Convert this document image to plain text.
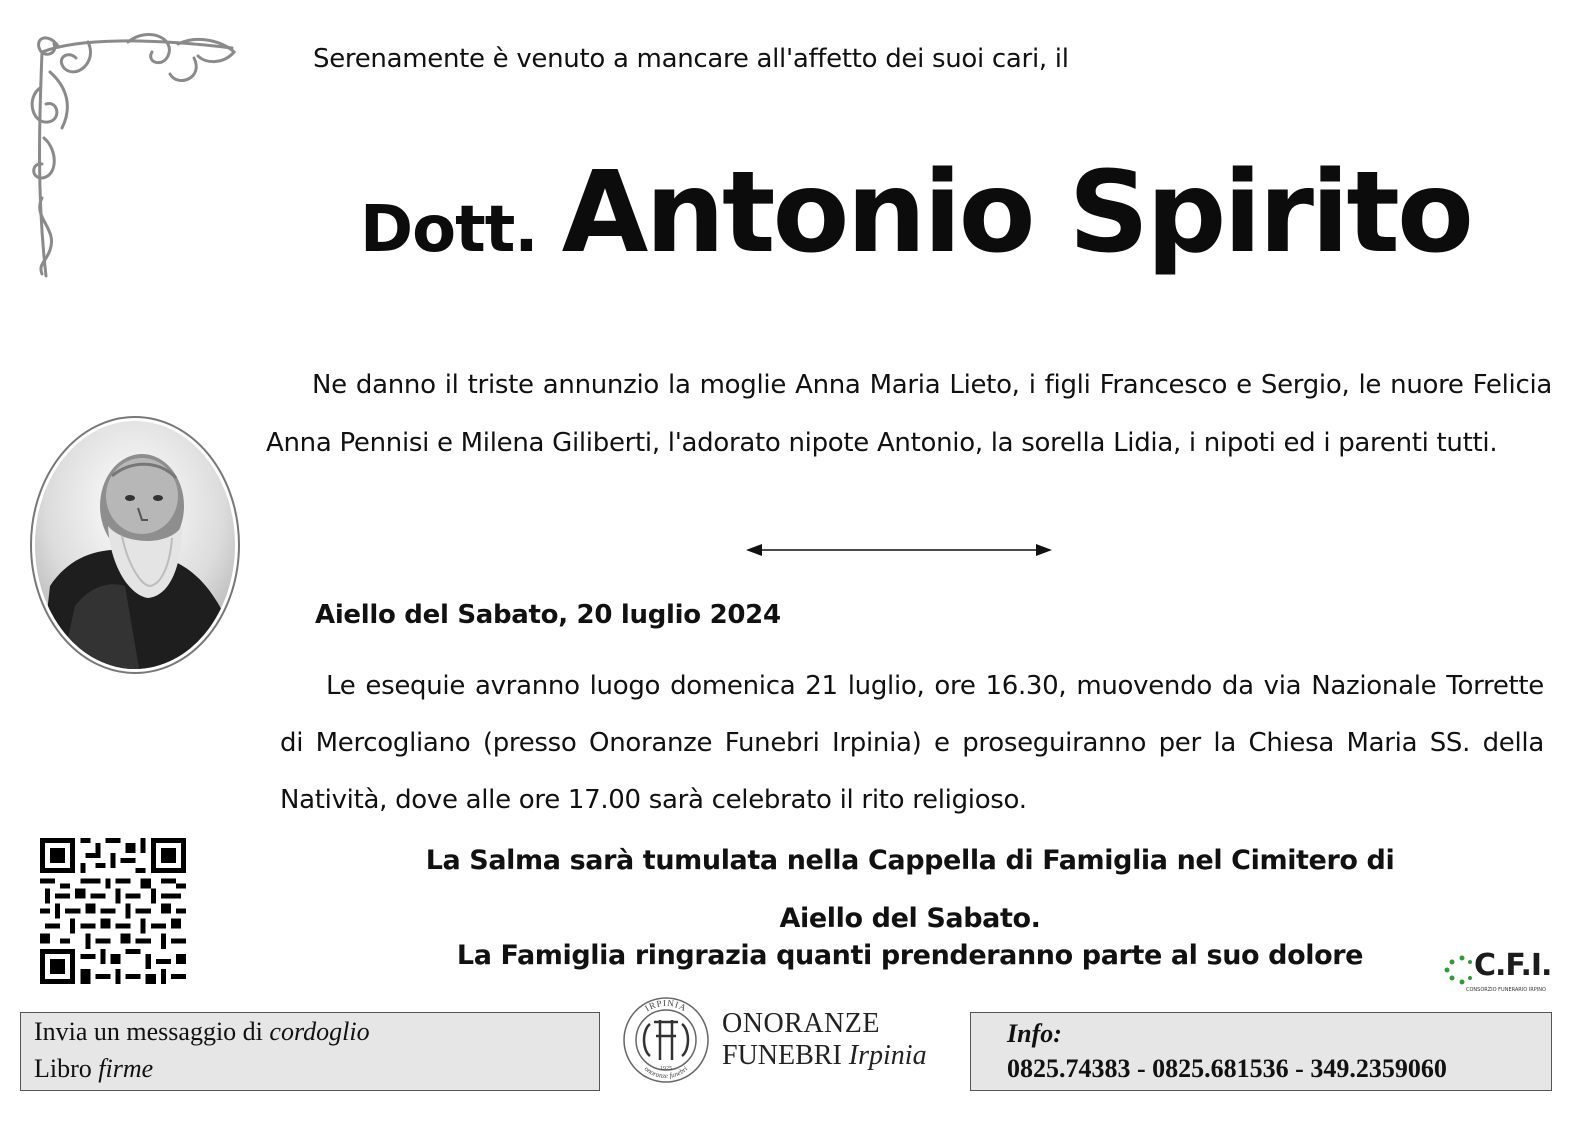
Serenamente è venuto a mancare all'affetto dei suoi cari, il
Dott. Antonio Spirito
Ne danno il triste annunzio la moglie Anna Maria Lieto, i figli Francesco e Sergio, le nuore Felicia Anna Pennisi e Milena Giliberti, l'adorato nipote Antonio, la sorella Lidia, i nipoti ed i parenti tutti.
Aiello del Sabato, 20 luglio 2024
Le esequie avranno luogo domenica 21 luglio, ore 16.30, muovendo da via Nazionale Torrette di Mercogliano (presso Onoranze Funebri Irpinia) e proseguiranno per la Chiesa Maria SS. della Natività, dove alle ore 17.00 sarà celebrato il rito religioso.
La Salma sarà tumulata nella Cappella di Famiglia nel Cimitero di
Aiello del Sabato.
La Famiglia ringrazia quanti prenderanno parte al suo dolore	C.F.I.
CONSORZIO FUNERARIO IRPINO
Invia un messaggio di cordoglio
Libro firme
IRPINIA
onoranze funebri
1925
ONORANZE
FUNEBRI Irpinia
Info:
0825.74383 - 0825.681536 - 349.2359060
